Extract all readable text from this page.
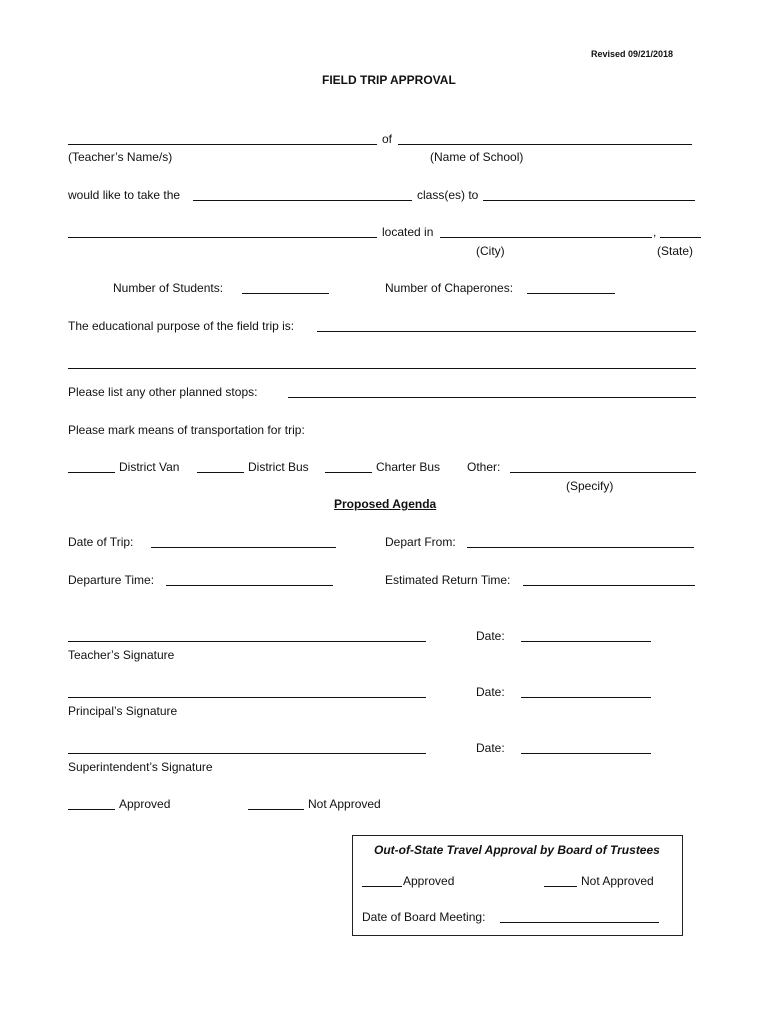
Revised 09/21/2018
FIELD TRIP APPROVAL
of
(Teacher’s Name/s)	(Name of School)
would like to take the	class(es) to
located in	,
(City)	(State)
Number of Students:	Number of Chaperones:
The educational purpose of the field trip is:
Please list any other planned stops:
Please mark means of transportation for trip:
District Van	District Bus	Charter Bus Other:
(Specify)
Proposed Agenda
Date of Trip:	Depart From:
Departure Time:	Estimated Return Time:
Date:
Teacher’s Signature
Date:
Principal’s Signature
Date:
Superintendent’s Signature
Approved	Not Approved
Out-of-State Travel Approval by Board of Trustees
Approved	Not Approved
Date of Board Meeting:
